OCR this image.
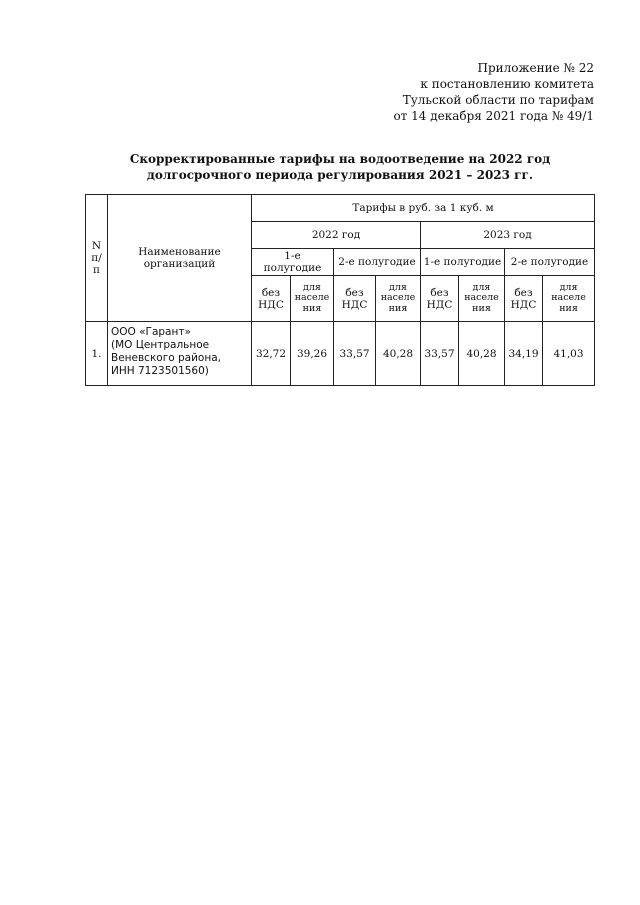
Приложение № 22
к постановлению комитета
Тульской области по тарифам
от 14 декабря 2021 года № 49/1
Скорректированные тарифы на водоотведение на 2022 год
долгосрочного периода регулирования 2021 – 2023 гг.
N п/п	Наименование организаций	Тарифы в руб. за 1 куб. м							
		2022 год				2023 год			
		1-е полугодие		2-е полугодие		1-е полугодие		2-е полугодие	
		без НДС	для населе ния	без НДС	для населе ния	без НДС	для населе ния	без НДС	для населе ния
1.	ООО «Гарант»
(МО Центральное
Веневского района,
ИНН 7123501560)	32,72	39,26	33,57	40,28	33,57	40,28	34,19	41,03
